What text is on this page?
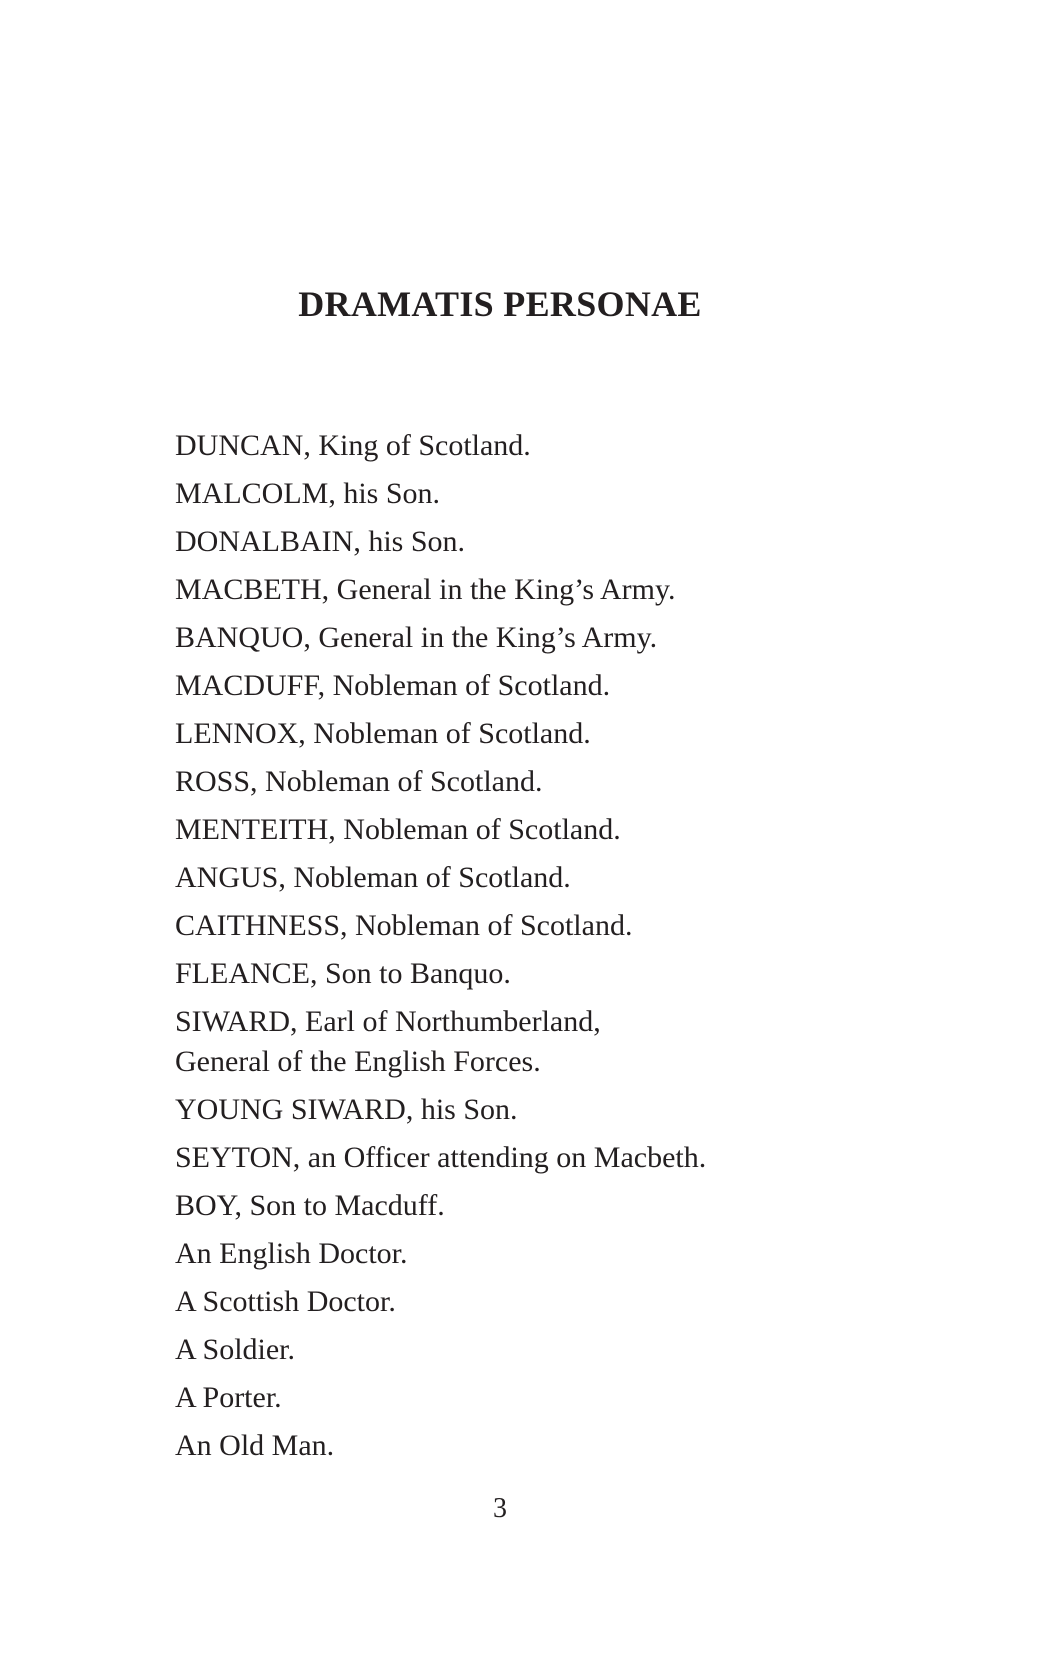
DRAMATIS PERSONAE
DUNCAN, King of Scotland.
MALCOLM, his Son.
DONALBAIN, his Son.
MACBETH, General in the King’s Army.
BANQUO, General in the King’s Army.
MACDUFF, Nobleman of Scotland.
LENNOX, Nobleman of Scotland.
ROSS, Nobleman of Scotland.
MENTEITH, Nobleman of Scotland.
ANGUS, Nobleman of Scotland.
CAITHNESS, Nobleman of Scotland.
FLEANCE, Son to Banquo.
SIWARD, Earl of Northumberland,
General of the English Forces.
YOUNG SIWARD, his Son.
SEYTON, an Officer attending on Macbeth.
BOY, Son to Macduff.
An English Doctor.
A Scottish Doctor.
A Soldier.
A Porter.
An Old Man.
3
